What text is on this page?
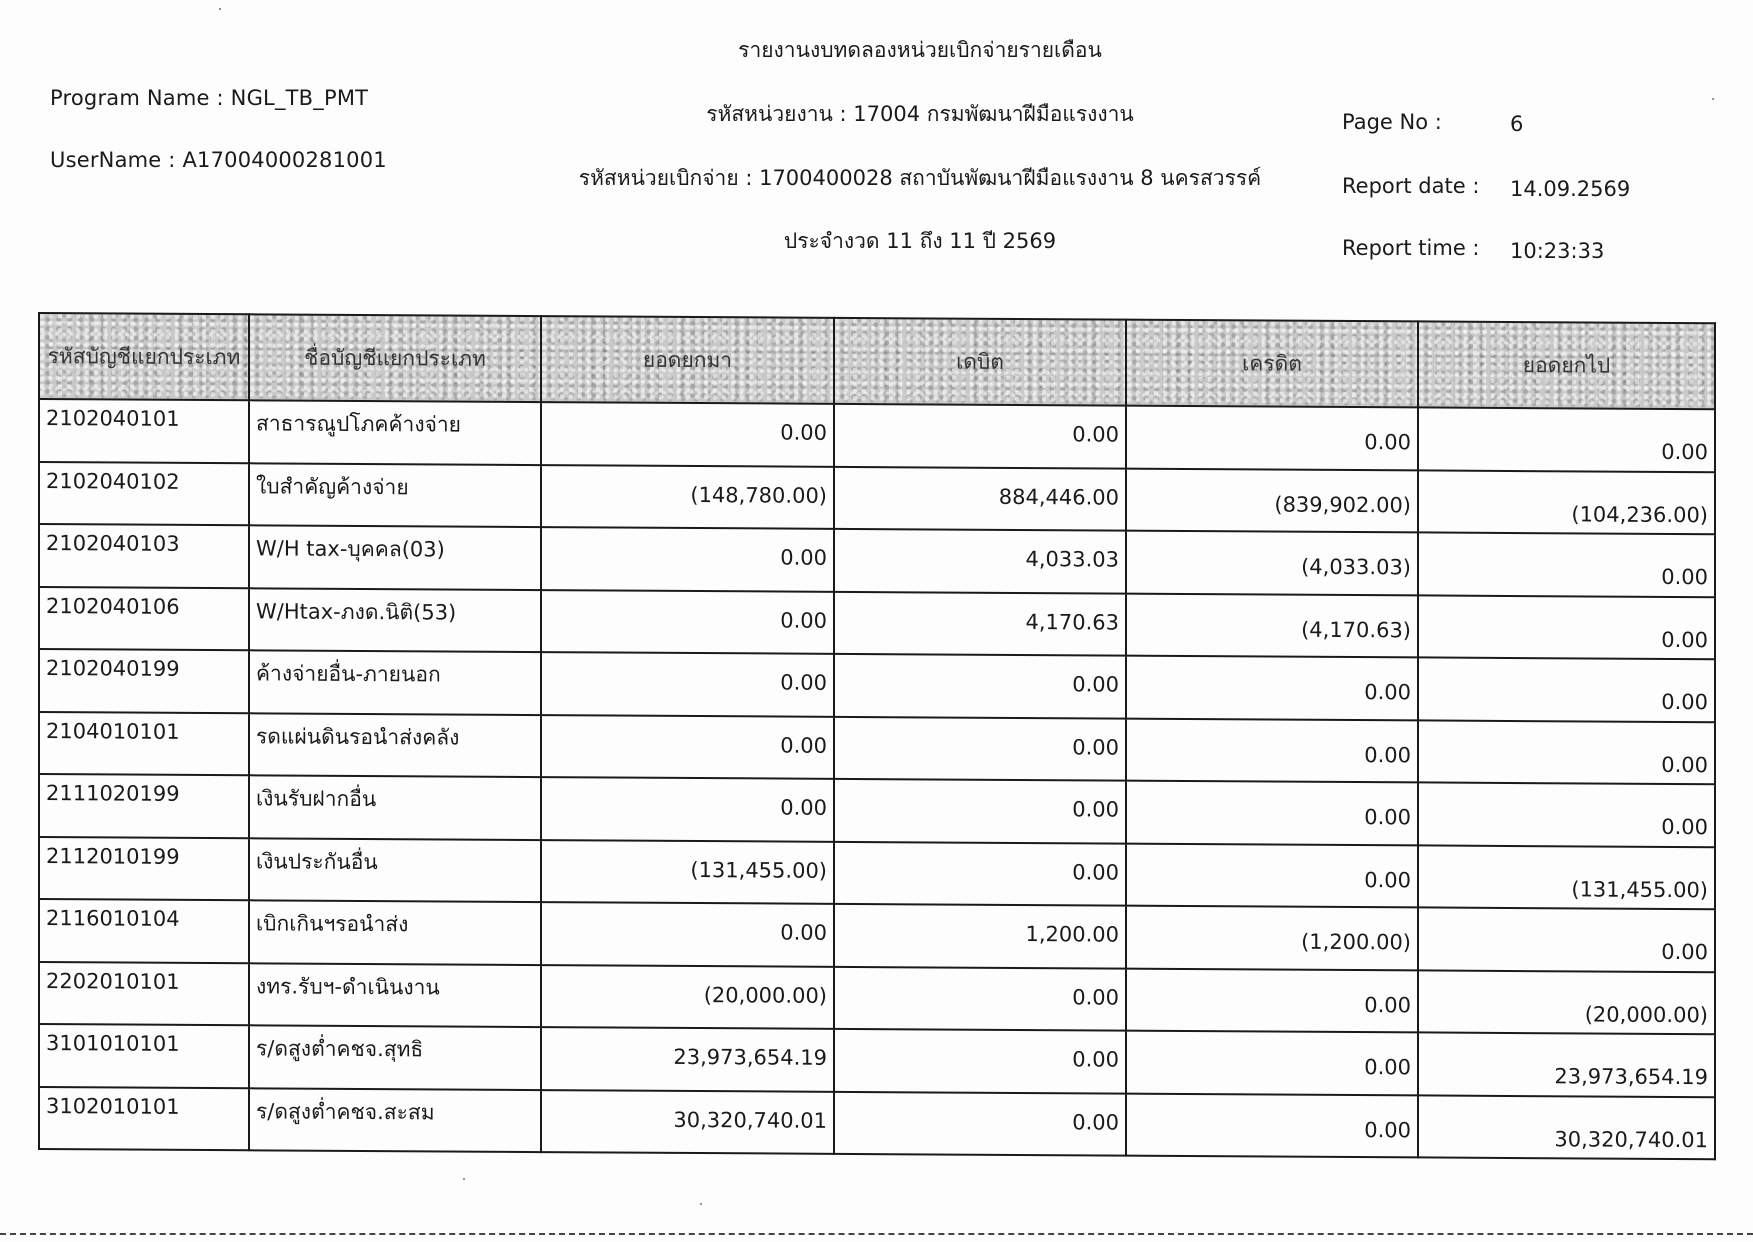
Program Name : NGL_TB_PMT
UserName : A17004000281001
รายงานงบทดลองหน่วยเบิกจ่ายรายเดือน
รหัสหน่วยงาน : 17004 กรมพัฒนาฝีมือแรงงาน
รหัสหน่วยเบิกจ่าย : 1700400028 สถาบันพัฒนาฝีมือแรงงาน 8 นครสวรรค์
ประจำงวด 11 ถึง 11 ปี 2569
Page No :	6
Report date : 14.09.2569
Report time : 10:23:33
รหัสบัญชีแยกประเภท	ชื่อบัญชีแยกประเภท	ยอดยกมา	เดบิต	เครดิต	ยอดยกไป
2102040101	สาธารณูปโภคค้างจ่าย	0.00	0.00	0.00	0.00
2102040102	ใบสำคัญค้างจ่าย	(148,780.00)	884,446.00	(839,902.00)	(104,236.00)
2102040103	W/H tax-บุคคล(03)	0.00	4,033.03	(4,033.03)	0.00
2102040106	W/Htax-ภงด.นิติ(53)	0.00	4,170.63	(4,170.63)	0.00
2102040199	ค้างจ่ายอื่น-ภายนอก	0.00	0.00	0.00	0.00
2104010101	รดแผ่นดินรอนำส่งคลัง	0.00	0.00	0.00	0.00
2111020199	เงินรับฝากอื่น	0.00	0.00	0.00	0.00
2112010199	เงินประกันอื่น	(131,455.00)	0.00	0.00	(131,455.00)
2116010104	เบิกเกินฯรอนำส่ง	0.00	1,200.00	(1,200.00)	0.00
2202010101	งทร.รับฯ-ดำเนินงาน	(20,000.00)	0.00	0.00	(20,000.00)
3101010101	ร/ดสูงต่ำคชจ.สุทธิ	23,973,654.19	0.00	0.00	23,973,654.19
3102010101	ร/ดสูงต่ำคชจ.สะสม	30,320,740.01	0.00	0.00	30,320,740.01
